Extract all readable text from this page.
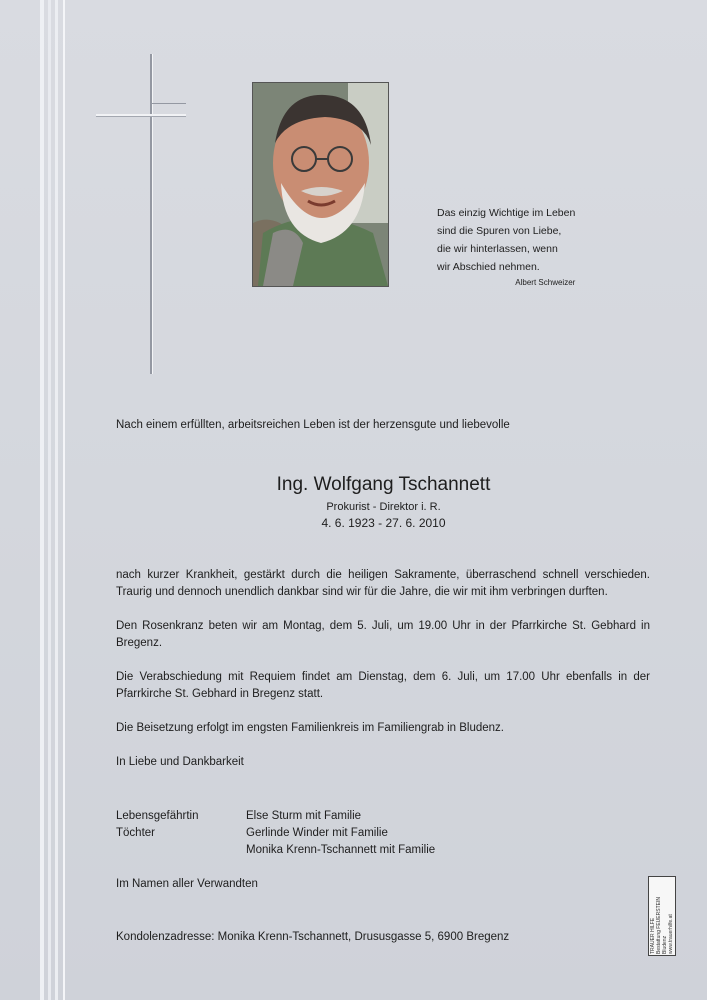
Das einzig Wichtige im Leben
sind die Spuren von Liebe,
die wir hinterlassen, wenn
wir Abschied nehmen.
Albert Schweizer
Nach einem erfüllten, arbeitsreichen Leben ist der herzensgute und liebevolle
Ing. Wolfgang Tschannett
Prokurist - Direktor i. R.
4. 6. 1923 - 27. 6. 2010

nach kurzer Krankheit, gestärkt durch die heiligen Sakramente, überraschend schnell verschieden. Traurig und dennoch unendlich dankbar sind wir für die Jahre, die wir mit ihm verbringen durften.

Den Rosenkranz beten wir am Montag, dem 5. Juli, um 19.00 Uhr in der Pfarrkirche St. Gebhard in Bregenz.

Die Verabschiedung mit Requiem findet am Dienstag, dem 6. Juli, um 17.00 Uhr ebenfalls in der Pfarrkirche St. Gebhard in Bregenz statt.

Die Beisetzung erfolgt im engsten Familienkreis im Familiengrab in Bludenz.

In Liebe und Dankbarkeit

Lebensgefährtin	Else Sturm mit Familie
Töchter	Gerlinde Winder mit Familie
Monika Krenn-Tschannett mit Familie
Im Namen aller Verwandten
Kondolenzadresse: Monika Krenn-Tschannett, Drususgasse 5, 6900 Bregenz	TRAUER HILFE Bestattung FEUERSTEIN Bludenz www.trauerhilfe.at
